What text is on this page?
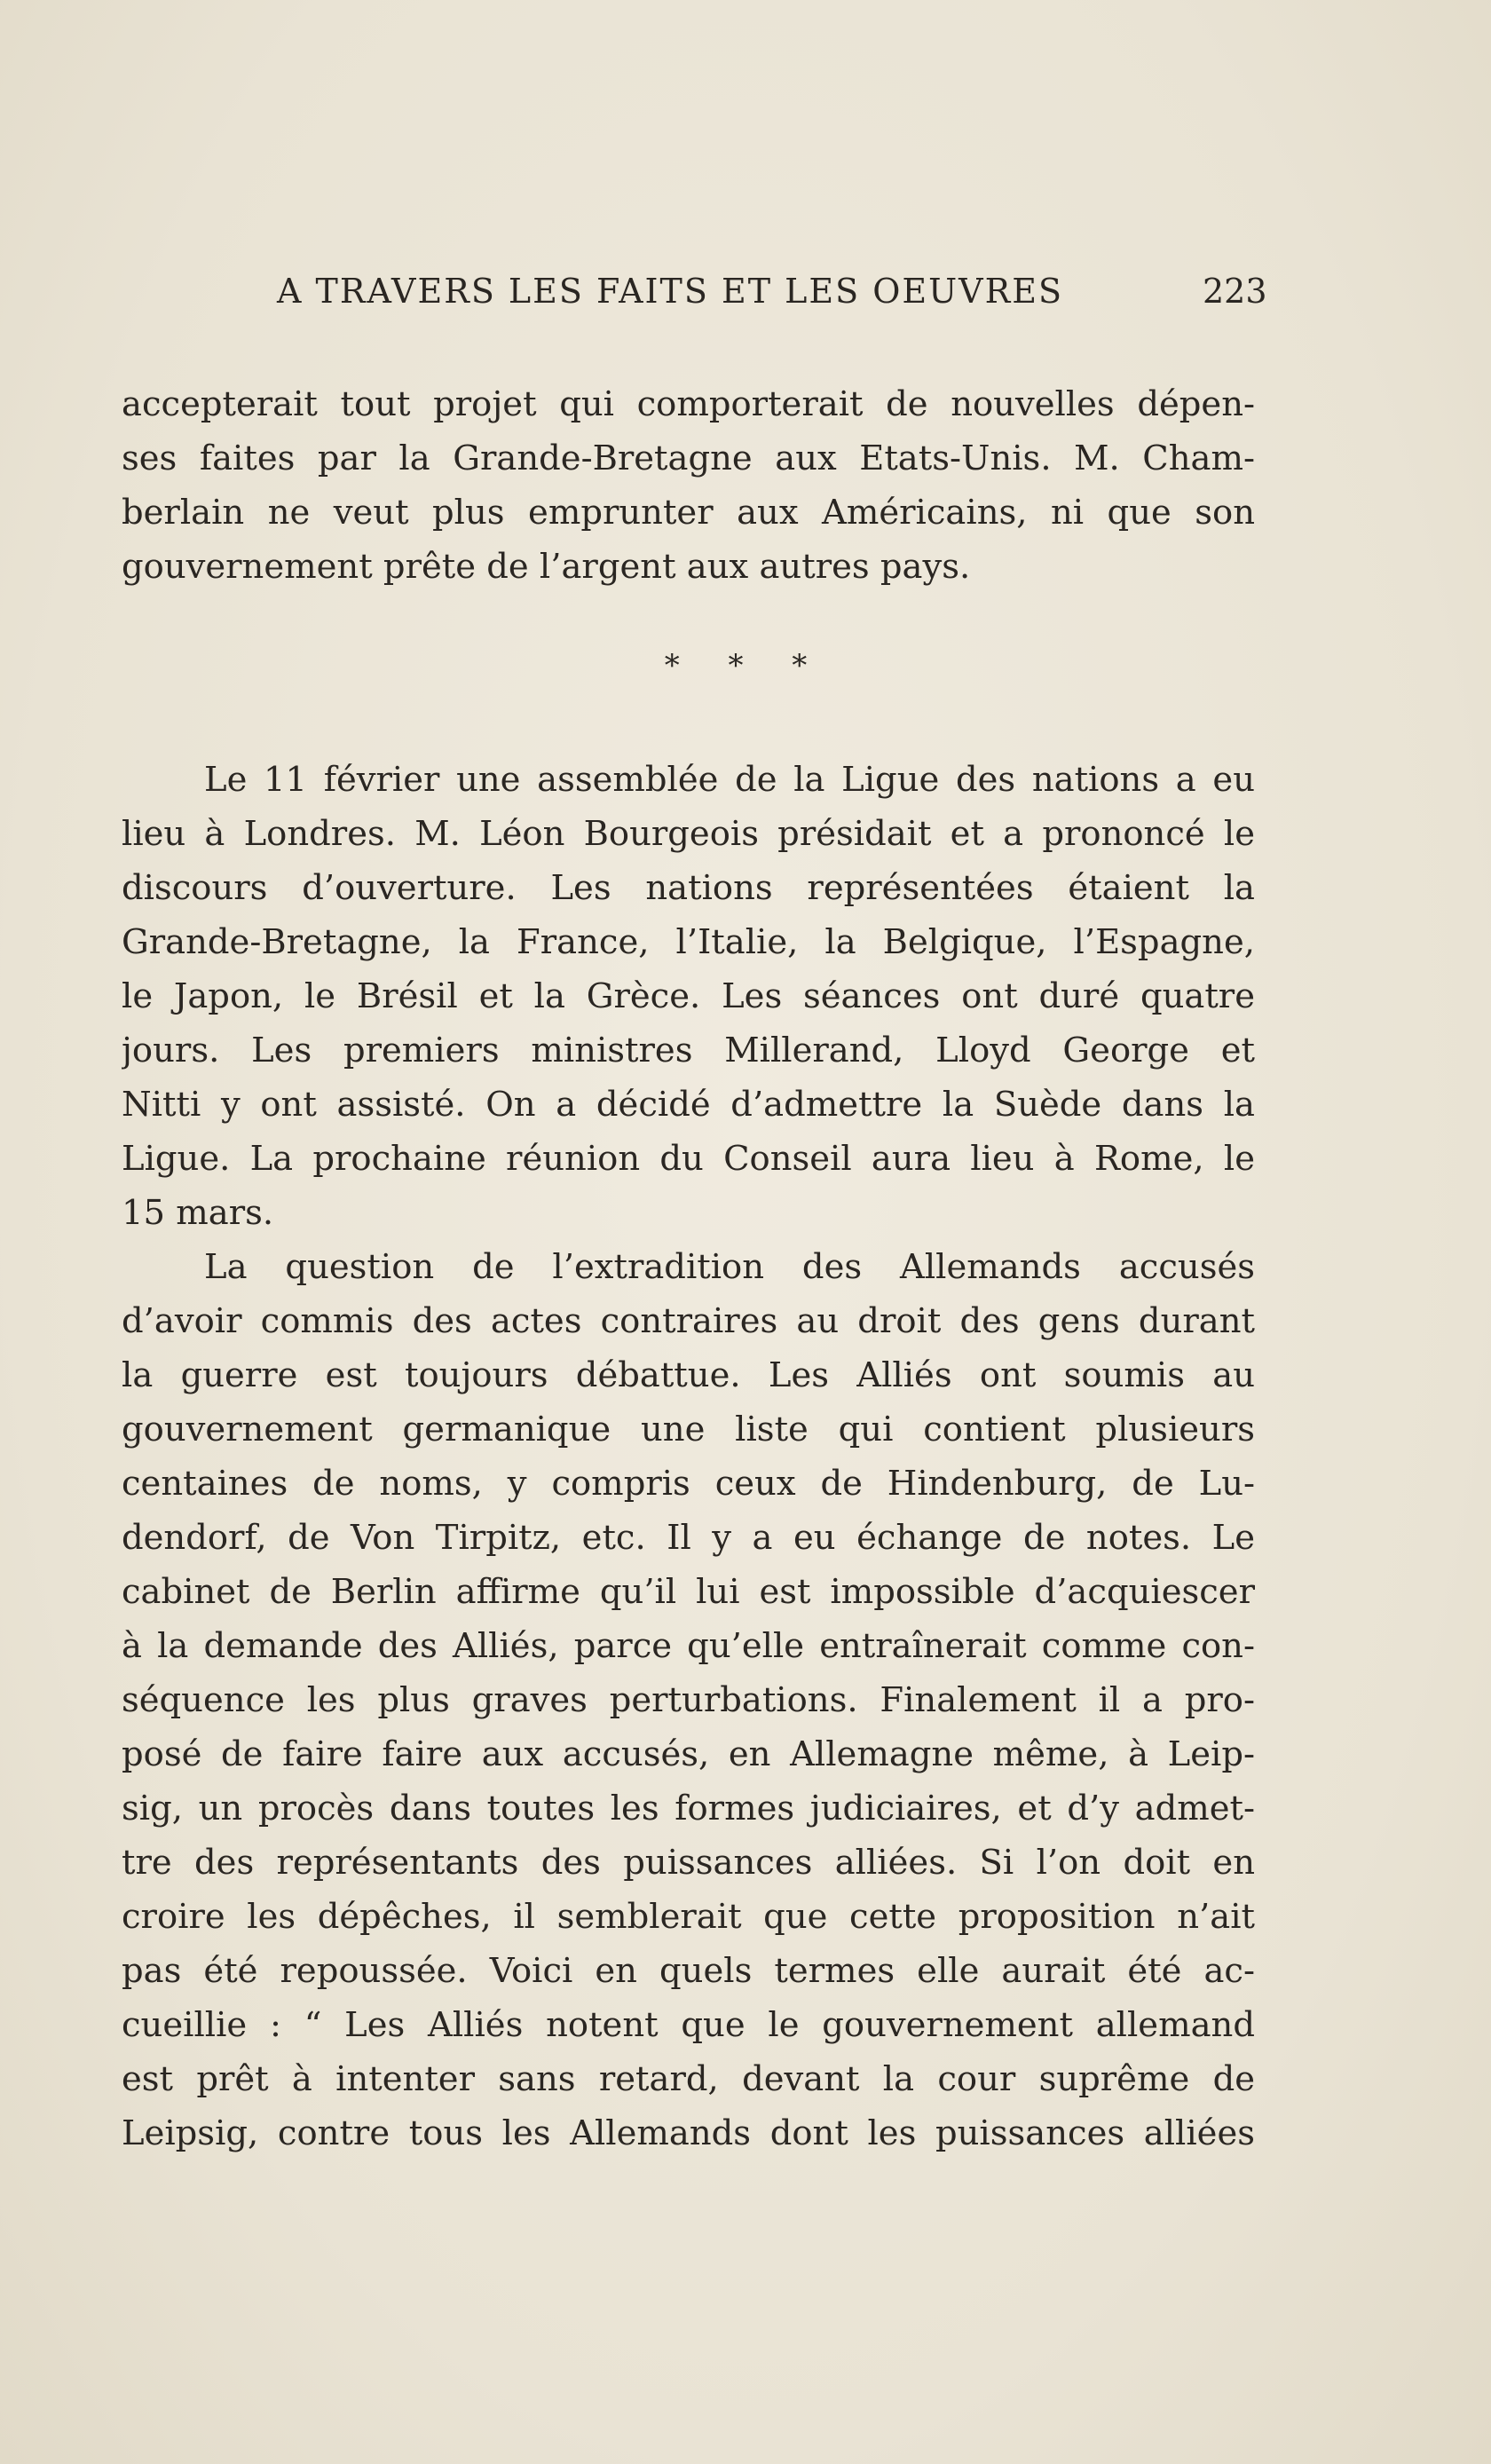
A TRAVERS LES FAITS ET LES OEUVRES	223
accepterait tout projet qui comporterait de nouvelles dépen-
ses faites par la Grande-Bretagne aux Etats-Unis. M. Cham-
berlain ne veut plus emprunter aux Américains, ni que son
gouvernement prête de l’argent aux autres pays.
* * *
Le 11 février une assemblée de la Ligue des nations a eu
lieu à Londres. M. Léon Bourgeois présidait et a prononcé le
discours d’ouverture. Les nations représentées étaient la
Grande-Bretagne, la France, l’Italie, la Belgique, l’Espagne,
le Japon, le Brésil et la Grèce. Les séances ont duré quatre
jours. Les premiers ministres Millerand, Lloyd George et
Nitti y ont assisté. On a décidé d’admettre la Suède dans la
Ligue. La prochaine réunion du Conseil aura lieu à Rome, le
15 mars.
La question de l’extradition des Allemands accusés
d’avoir commis des actes contraires au droit des gens durant
la guerre est toujours débattue. Les Alliés ont soumis au
gouvernement germanique une liste qui contient plusieurs
centaines de noms, y compris ceux de Hindenburg, de Lu-
dendorf, de Von Tirpitz, etc. Il y a eu échange de notes. Le
cabinet de Berlin affirme qu’il lui est impossible d’acquiescer
à la demande des Alliés, parce qu’elle entraînerait comme con-
séquence les plus graves perturbations. Finalement il a pro-
posé de faire faire aux accusés, en Allemagne même, à Leip-
sig, un procès dans toutes les formes judiciaires, et d’y admet-
tre des représentants des puissances alliées. Si l’on doit en
croire les dépêches, il semblerait que cette proposition n’ait
pas été repoussée. Voici en quels termes elle aurait été ac-
cueillie : “ Les Alliés notent que le gouvernement allemand
est prêt à intenter sans retard, devant la cour suprême de
Leipsig, contre tous les Allemands dont les puissances alliées
